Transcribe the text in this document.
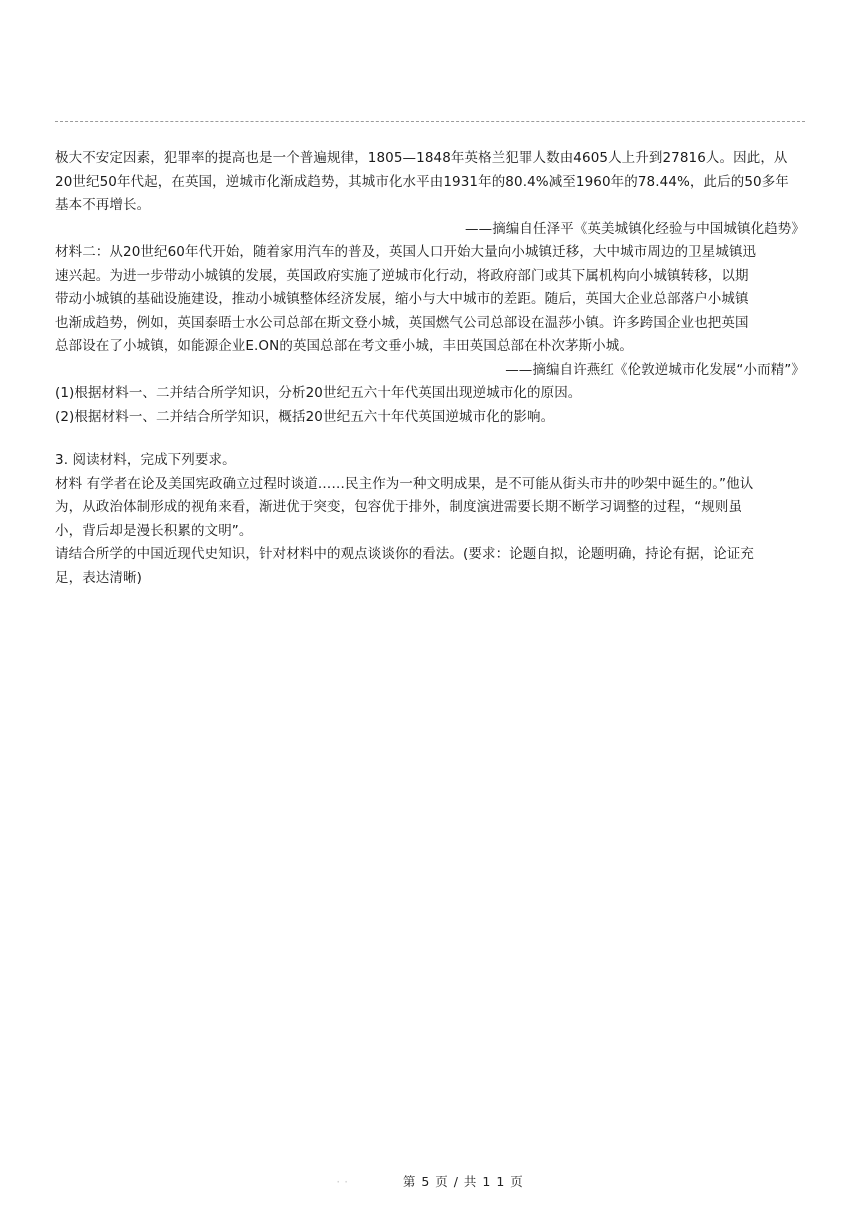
极大不安定因素，犯罪率的提高也是一个普遍规律，1805—1848年英格兰犯罪人数由4605人上升到27816人。因此，从
20世纪50年代起，在英国，逆城市化渐成趋势，其城市化水平由1931年的80.4%减至1960年的78.44%，此后的50多年
基本不再增长。
——摘编自任泽平《英美城镇化经验与中国城镇化趋势》
材料二：从20世纪60年代开始，随着家用汽车的普及，英国人口开始大量向小城镇迁移，大中城市周边的卫星城镇迅
速兴起。为进一步带动小城镇的发展，英国政府实施了逆城市化行动，将政府部门或其下属机构向小城镇转移，以期
带动小城镇的基础设施建设，推动小城镇整体经济发展，缩小与大中城市的差距。随后，英国大企业总部落户小城镇
也渐成趋势，例如，英国泰晤士水公司总部在斯文登小城，英国燃气公司总部设在温莎小镇。许多跨国企业也把英国
总部设在了小城镇，如能源企业E.ON的英国总部在考文垂小城，丰田英国总部在朴次茅斯小城。
——摘编自许燕红《伦敦逆城市化发展“小而精”》
(1)根据材料一、二并结合所学知识，分析20世纪五六十年代英国出现逆城市化的原因。
(2)根据材料一、二并结合所学知识，概括20世纪五六十年代英国逆城市化的影响。
3. 阅读材料，完成下列要求。
材料 有学者在论及美国宪政确立过程时谈道……民主作为一种文明成果，是不可能从街头市井的吵架中诞生的。”他认
为，从政治体制形成的视角来看，渐进优于突变，包容优于排外，制度演进需要长期不断学习调整的过程，“规则虽
小，背后却是漫长积累的文明”。
请结合所学的中国近现代史知识，针对材料中的观点谈谈你的看法。(要求：论题自拟，论题明确，持论有据，论证充
足，表达清晰)
· ·	第 5 页 / 共 1 1 页
